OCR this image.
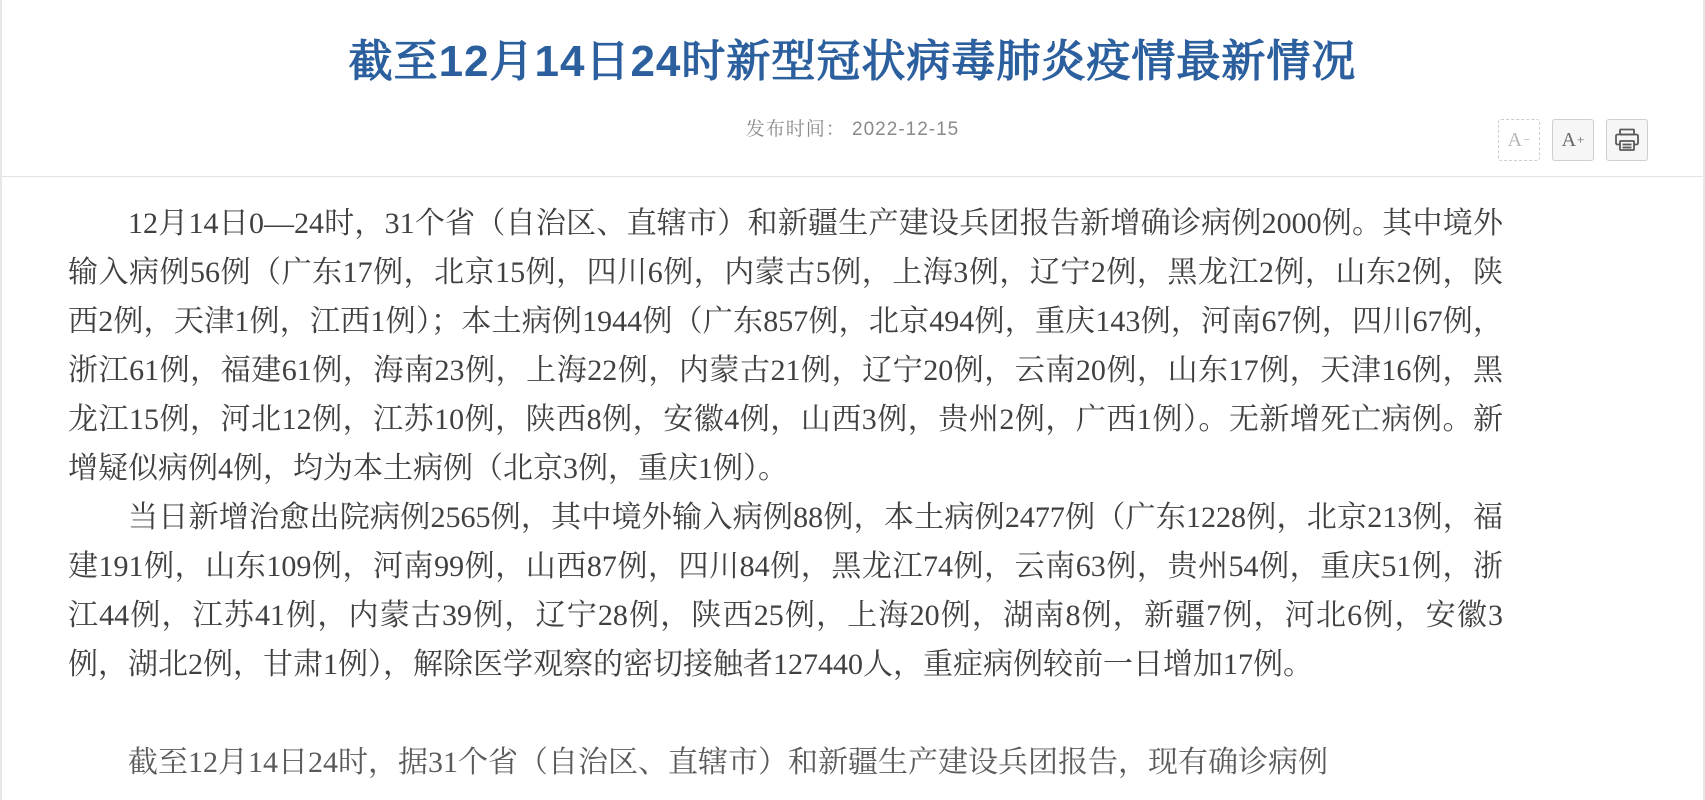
截至12月14日24时新型冠状病毒肺炎疫情最新情况
发布时间： 2022-12-15	A − A +

12月14日0—24时，31个省（自治区、直辖市）和新疆生产建设兵团报告新增确诊病例2000例。其中境外输入病例56例（广东17例，北京15例，四川6例，内蒙古5例，上海3例，辽宁2例，黑龙江2例，山东2例，陕西2例，天津1例，江西1例）；本土病例1944例（广东857例，北京494例，重庆143例，河南67例，四川67例，浙江61例，福建61例，海南23例，上海22例，内蒙古21例，辽宁20例，云南20例，山东17例，天津16例，黑龙江15例，河北12例，江苏10例，陕西8例，安徽4例，山西3例，贵州2例，广西1例）。无新增死亡病例。新增疑似病例4例，均为本土病例（北京3例，重庆1例）。

当日新增治愈出院病例2565例，其中境外输入病例88例，本土病例2477例（广东1228例，北京213例，福建191例，山东109例，河南99例，山西87例，四川84例，黑龙江74例，云南63例，贵州54例，重庆51例，浙江44例，江苏41例，内蒙古39例，辽宁28例，陕西25例，上海20例，湖南8例，新疆7例，河北6例，安徽3例，湖北2例，甘肃1例），解除医学观察的密切接触者127440人，重症病例较前一日增加17例。

截至12月14日24时，据31个省（自治区、直辖市）和新疆生产建设兵团报告，现有确诊病例
